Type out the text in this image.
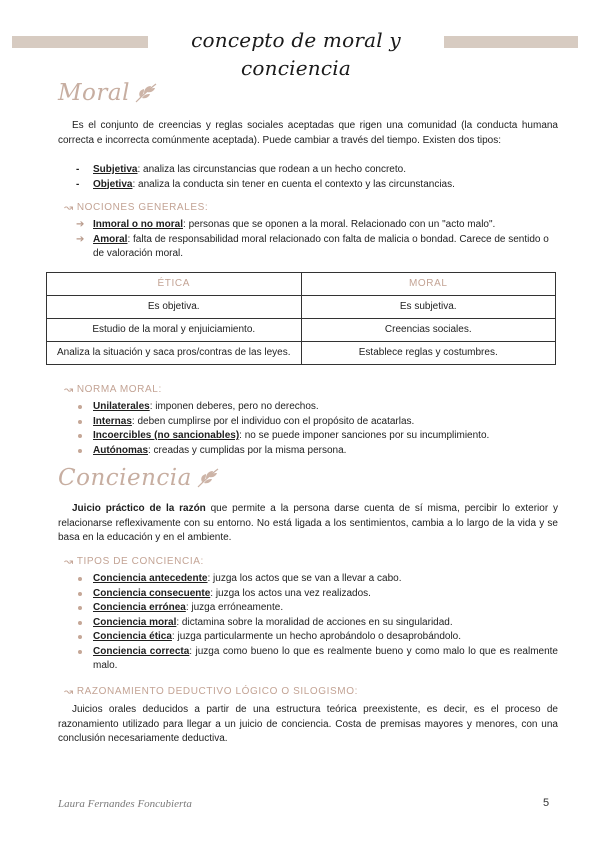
concepto de moral y conciencia
Moral

Es el conjunto de creencias y reglas sociales aceptadas que rigen una comunidad (la conducta humana correcta e incorrecta comúnmente aceptada). Puede cambiar a través del tiempo. Existen dos tipos:

-
Subjetiva: analiza las circunstancias que rodean a un hecho concreto.
-
Objetiva: analiza la conducta sin tener en cuenta el contexto y las circunstancias.
↝ NOCIONES GENERALES:
➔ Inmoral o no moral: personas que se oponen a la moral. Relacionado con un "acto malo".
➔ Amoral: falta de responsabilidad moral relacionado con falta de malicia o bondad. Carece de sentido o de valoración moral.
ÉTICA	MORAL
Es objetiva.	Es subjetiva.
Estudio de la moral y enjuiciamiento.	Creencias sociales.
Analiza la situación y saca pros/contras de las leyes.	Establece reglas y costumbres.
↝ NORMA MORAL:
Unilaterales: imponen deberes, pero no derechos.
Internas: deben cumplirse por el individuo con el propósito de acatarlas.
Incoercibles (no sancionables): no se puede imponer sanciones por su incumplimiento.
Autónomas: creadas y cumplidas por la misma persona.
Conciencia

Juicio práctico de la razón que permite a la persona darse cuenta de sí misma, percibir lo exterior y relacionarse reflexivamente con su entorno. No está ligada a los sentimientos, cambia a lo largo de la vida y se basa en la educación y en el ambiente.

↝ TIPOS DE CONCIENCIA:
Conciencia antecedente: juzga los actos que se van a llevar a cabo.
Conciencia consecuente: juzga los actos una vez realizados.
Conciencia errónea: juzga erróneamente.
Conciencia moral: dictamina sobre la moralidad de acciones en su singularidad.
Conciencia ética: juzga particularmente un hecho aprobándolo o desaprobándolo.
Conciencia correcta: juzga como bueno lo que es realmente bueno y como malo lo que es realmente malo.
↝ RAZONAMIENTO DEDUCTIVO LÓGICO O SILOGISMO:

Juicios orales deducidos a partir de una estructura teórica preexistente, es decir, es el proceso de razonamiento utilizado para llegar a un juicio de conciencia. Costa de premisas mayores y menores, con una conclusión necesariamente deductiva.

Laura Fernandes Foncubierta	5
